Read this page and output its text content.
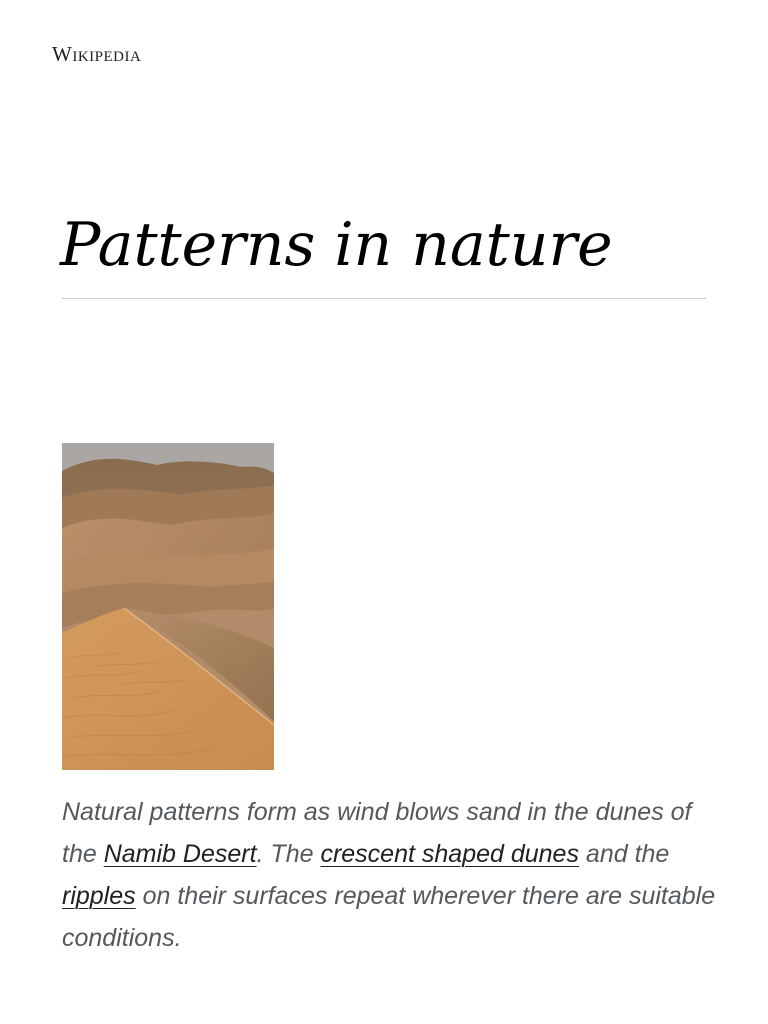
Wikipedia
Patterns in nature

Natural patterns form as wind blows sand in the dunes of the Namib Desert. The crescent shaped dunes and the ripples on their surfaces repeat wherever there are suitable conditions.
